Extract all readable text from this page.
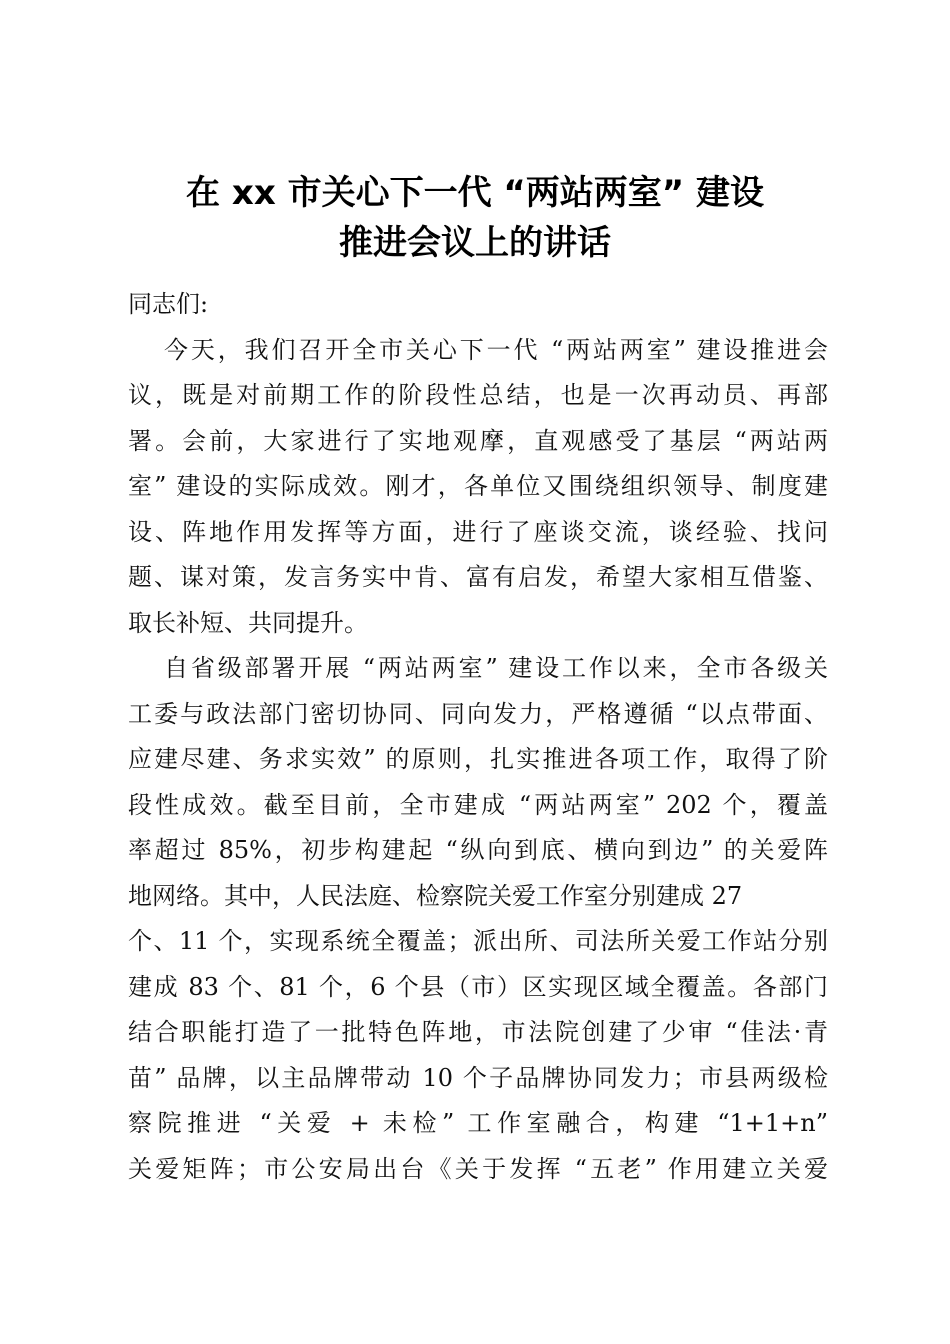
在 xx 市关心下一代 “两站两室” 建设
推进会议上的讲话

同志们:

今天，我们召开全市关心下一代 “两站两室” 建设推进会
议，既是对前期工作的阶段性总结，也是一次再动员、再部
署。会前，大家进行了实地观摩，直观感受了基层 “两站两
室” 建设的实际成效。刚才，各单位又围绕组织领导、制度建
设、阵地作用发挥等方面，进行了座谈交流，谈经验、找问
题、谋对策，发言务实中肯、富有启发，希望大家相互借鉴、
取长补短、共同提升。

自省级部署开展 “两站两室” 建设工作以来，全市各级关
工委与政法部门密切协同、同向发力，严格遵循 “以点带面、
应建尽建、务求实效” 的原则，扎实推进各项工作，取得了阶
段性成效。截至目前，全市建成 “两站两室” 202 个，覆盖
率超过 85%，初步构建起 “纵向到底、横向到边” 的关爱阵
地网络。其中，人民法庭、检察院关爱工作室分别建成 27
个、11 个，实现系统全覆盖；派出所、司法所关爱工作站分别
建成 83 个、81 个，6 个县（市）区实现区域全覆盖。各部门
结合职能打造了一批特色阵地，市法院创建了少审 “佳法·青
苗” 品牌，以主品牌带动 10 个子品牌协同发力；市县两级检
察院推进 “关爱 + 未检” 工作室融合，构建 “1+1+n”
关爱矩阵；市公安局出台《关于发挥 “五老” 作用建立关爱
